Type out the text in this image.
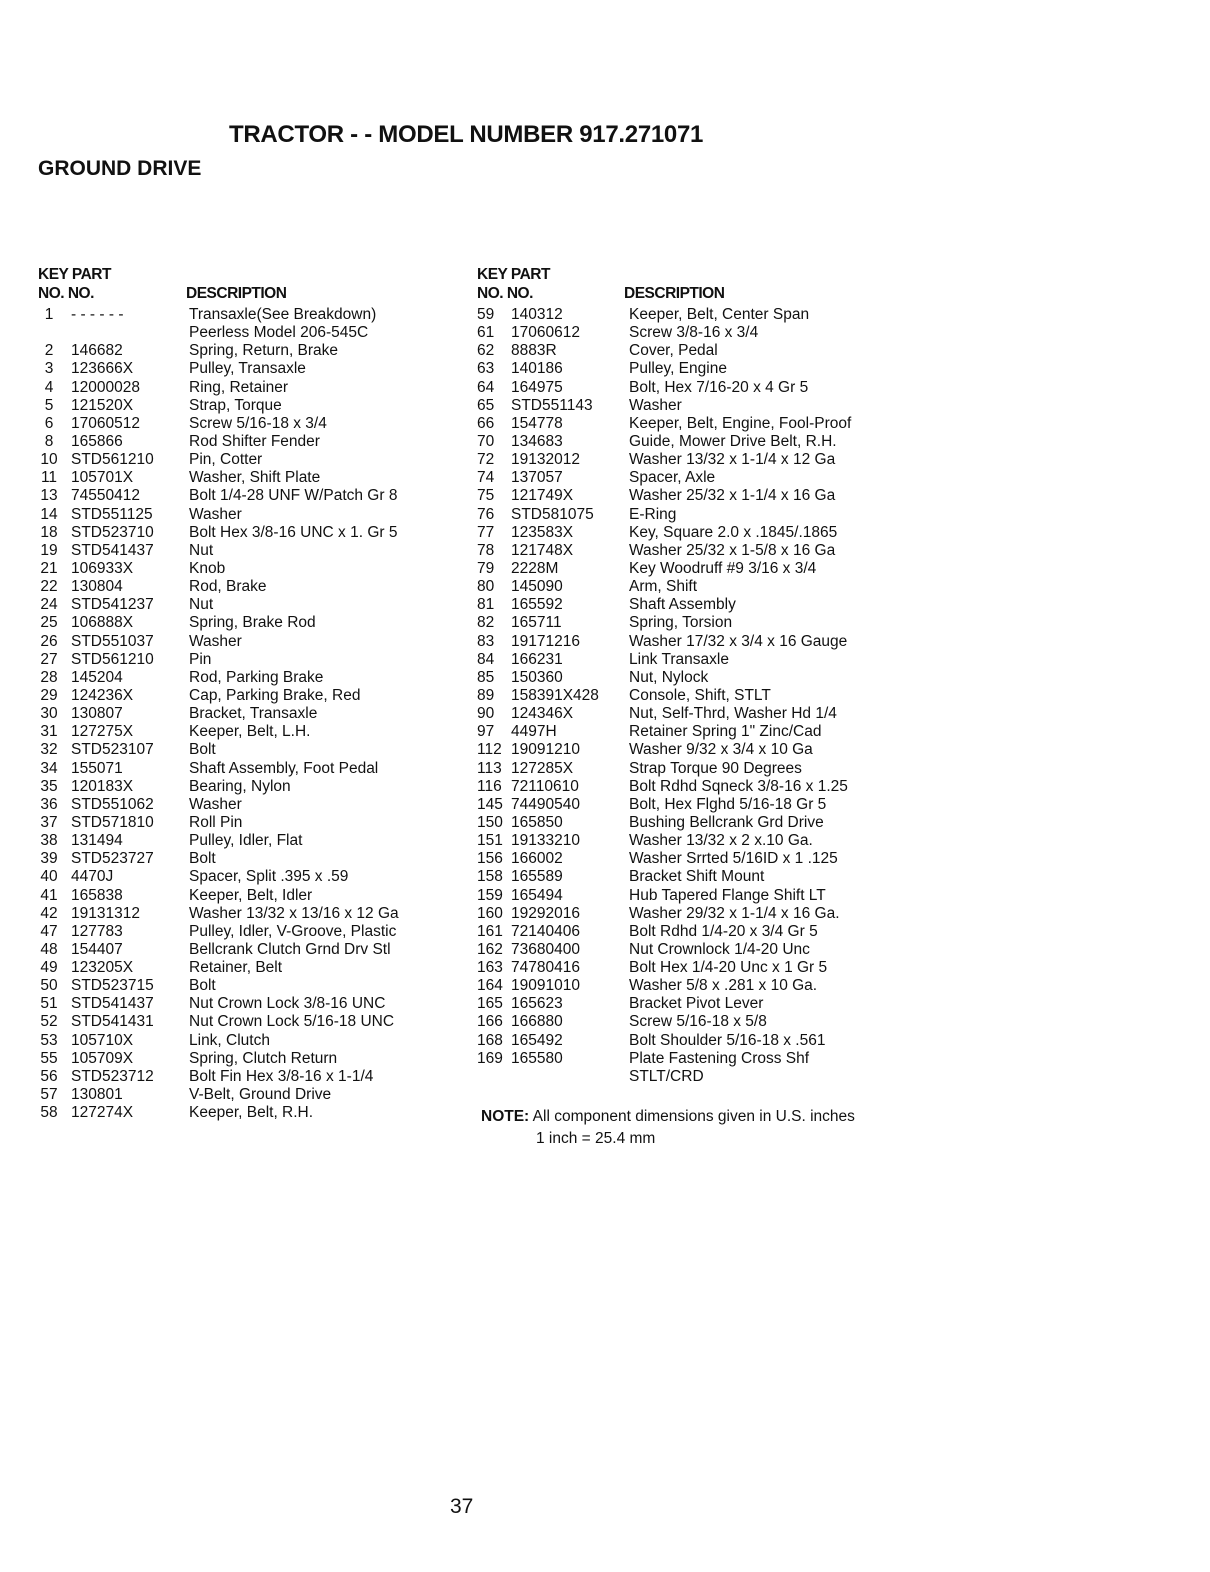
TRACTOR - - MODEL NUMBER 917.271071
GROUND DRIVE
KEY PART
NO. NO.	DESCRIPTION
1	- - - - - -	Transaxle(See Breakdown)
Peerless Model 206-545C
2	146682	Spring, Return, Brake
3	123666X	Pulley, Transaxle
4	12000028	Ring, Retainer
5	121520X	Strap, Torque
6	17060512	Screw 5/16-18 x 3/4
8	165866	Rod Shifter Fender
10 STD561210 Pin, Cotter
11 105701X	Washer, Shift Plate
13 74550412	Bolt 1/4-28 UNF W/Patch Gr 8
14 STD551125 Washer
18 STD523710 Bolt Hex 3/8-16 UNC x 1. Gr 5
19 STD541437 Nut
21 106933X	Knob
22 130804	Rod, Brake
24 STD541237 Nut
25 106888X	Spring, Brake Rod
26 STD551037 Washer
27 STD561210 Pin
28 145204	Rod, Parking Brake
29 124236X	Cap, Parking Brake, Red
30 130807	Bracket, Transaxle
31 127275X	Keeper, Belt, L.H.
32 STD523107 Bolt
34 155071	Shaft Assembly, Foot Pedal
35 120183X	Bearing, Nylon
36 STD551062 Washer
37 STD571810 Roll Pin
38 131494	Pulley, Idler, Flat
39 STD523727 Bolt
40 4470J	Spacer, Split .395 x .59
41 165838	Keeper, Belt, Idler
42 19131312	Washer 13/32 x 13/16 x 12 Ga
47 127783	Pulley, Idler, V-Groove, Plastic
48 154407	Bellcrank Clutch Grnd Drv Stl
49 123205X	Retainer, Belt
50 STD523715 Bolt
51 STD541437 Nut Crown Lock 3/8-16 UNC
52 STD541431 Nut Crown Lock 5/16-18 UNC
53 105710X	Link, Clutch
55 105709X	Spring, Clutch Return
56 STD523712 Bolt Fin Hex 3/8-16 x 1-1/4
57 130801	V-Belt, Ground Drive
58 127274X	Keeper, Belt, R.H.
KEY PART
NO. NO.	DESCRIPTION
59	140312	Keeper, Belt, Center Span
61	17060612	Screw 3/8-16 x 3/4
62	8883R	Cover, Pedal
63	140186	Pulley, Engine
64	164975	Bolt, Hex 7/16-20 x 4 Gr 5
65	STD551143 Washer
66	154778	Keeper, Belt, Engine, Fool-Proof
70	134683	Guide, Mower Drive Belt, R.H.
72	19132012	Washer 13/32 x 1-1/4 x 12 Ga
74	137057	Spacer, Axle
75	121749X	Washer 25/32 x 1-1/4 x 16 Ga
76	STD581075 E-Ring
77	123583X	Key, Square 2.0 x .1845/.1865
78	121748X	Washer 25/32 x 1-5/8 x 16 Ga
79	2228M	Key Woodruff #9 3/16 x 3/4
80	145090	Arm, Shift
81	165592	Shaft Assembly
82	165711	Spring, Torsion
83	19171216	Washer 17/32 x 3/4 x 16 Gauge
84	166231	Link Transaxle
85	150360	Nut, Nylock
89	158391X428 Console, Shift, STLT
90	124346X	Nut, Self-Thrd, Washer Hd 1/4
97	4497H	Retainer Spring 1" Zinc/Cad
112 19091210	Washer 9/32 x 3/4 x 10 Ga
113 127285X	Strap Torque 90 Degrees
116 72110610	Bolt Rdhd Sqneck 3/8-16 x 1.25
145 74490540	Bolt, Hex Flghd 5/16-18 Gr 5
150 165850	Bushing Bellcrank Grd Drive
151 19133210	Washer 13/32 x 2 x.10 Ga.
156 166002	Washer Srrted 5/16ID x 1 .125
158 165589	Bracket Shift Mount
159 165494	Hub Tapered Flange Shift LT
160 19292016	Washer 29/32 x 1-1/4 x 16 Ga.
161 72140406	Bolt Rdhd 1/4-20 x 3/4 Gr 5
162 73680400	Nut Crownlock 1/4-20 Unc
163 74780416	Bolt Hex 1/4-20 Unc x 1 Gr 5
164 19091010	Washer 5/8 x .281 x 10 Ga.
165 165623	Bracket Pivot Lever
166 166880	Screw 5/16-18 x 5/8
168 165492	Bolt Shoulder 5/16-18 x .561
169 165580	Plate Fastening Cross Shf
STLT/CRD
NOTE: All component dimensions given in U.S. inches
1 inch = 25.4 mm
37
